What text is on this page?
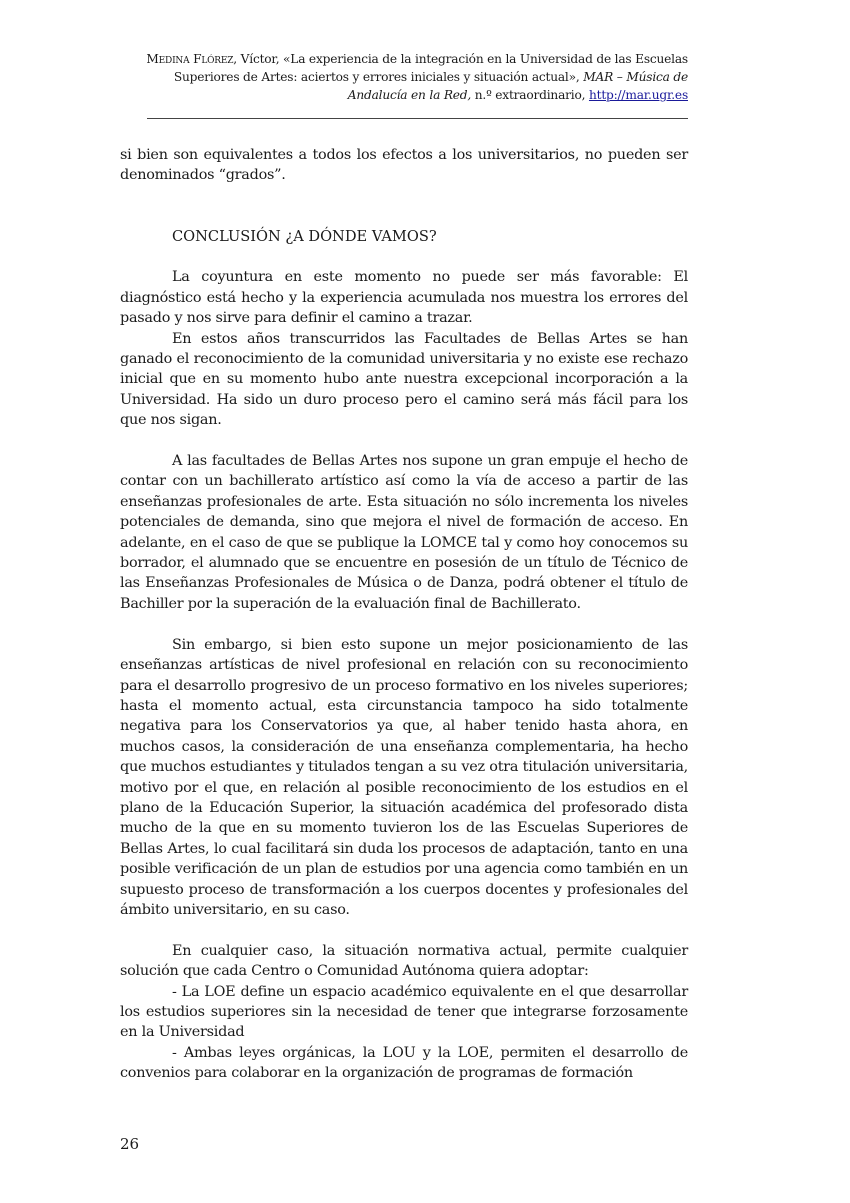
Medina Flórez, Víctor, «La experiencia de la integración en la Universidad de las Escuelas Superiores de Artes: aciertos y errores iniciales y situación actual», MAR – Música de Andalucía en la Red, n.º extraordinario, http://mar.ugr.es

si bien son equivalentes a todos los efectos a los universitarios, no pueden ser denominados “grados”.

CONCLUSIÓN ¿A DÓNDE VAMOS?

La coyuntura en este momento no puede ser más favorable: El diagnóstico está hecho y la experiencia acumulada nos muestra los errores del pasado y nos sirve para definir el camino a trazar.

En estos años transcurridos las Facultades de Bellas Artes se han ganado el reconocimiento de la comunidad universitaria y no existe ese rechazo inicial que en su momento hubo ante nuestra excepcional incorporación a la Universidad. Ha sido un duro proceso pero el camino será más fácil para los que nos sigan.

A las facultades de Bellas Artes nos supone un gran empuje el hecho de contar con un bachillerato artístico así como la vía de acceso a partir de las enseñanzas profesionales de arte. Esta situación no sólo incrementa los niveles potenciales de demanda, sino que mejora el nivel de formación de acceso. En adelante, en el caso de que se publique la LOMCE tal y como hoy conocemos su borrador, el alumnado que se encuentre en posesión de un título de Técnico de las Enseñanzas Profesionales de Música o de Danza, podrá obtener el título de Bachiller por la superación de la evaluación final de Bachillerato.

Sin embargo, si bien esto supone un mejor posicionamiento de las enseñanzas artísticas de nivel profesional en relación con su reconocimiento para el desarrollo progresivo de un proceso formativo en los niveles superiores; hasta el momento actual, esta circunstancia tampoco ha sido totalmente negativa para los Conservatorios ya que, al haber tenido hasta ahora, en muchos casos, la consideración de una enseñanza complementaria, ha hecho que muchos estudiantes y titulados tengan a su vez otra titulación universitaria, motivo por el que, en relación al posible reconocimiento de los estudios en el plano de la Educación Superior, la situación académica del profesorado dista mucho de la que en su momento tuvieron los de las Escuelas Superiores de Bellas Artes, lo cual facilitará sin duda los procesos de adaptación, tanto en una posible verificación de un plan de estudios por una agencia como también en un supuesto proceso de transformación a los cuerpos docentes y profesionales del ámbito universitario, en su caso.

En cualquier caso, la situación normativa actual, permite cualquier solución que cada Centro o Comunidad Autónoma quiera adoptar:

- La LOE define un espacio académico equivalente en el que desarrollar los estudios superiores sin la necesidad de tener que integrarse forzosamente en la Universidad

- Ambas leyes orgánicas, la LOU y la LOE, permiten el desarrollo de convenios para colaborar en la organización de programas de formación

26
